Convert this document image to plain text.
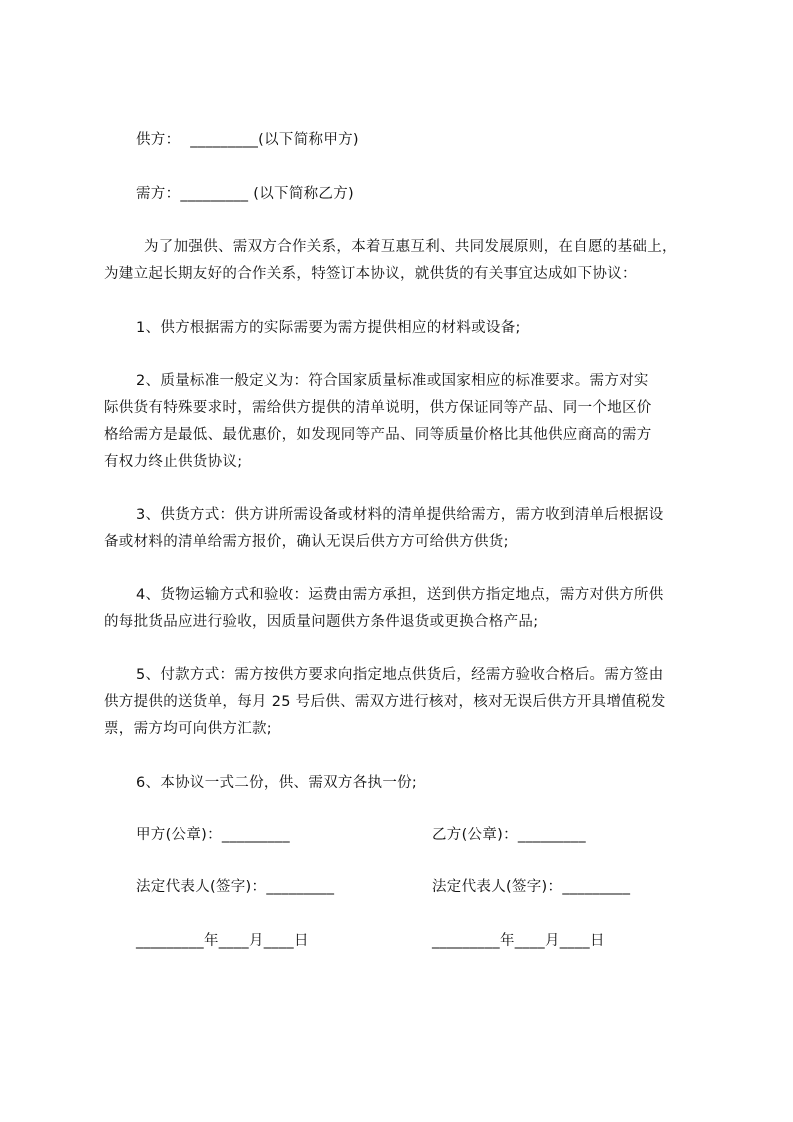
供方：  _________(以下简称甲方)
需方：_________ (以下简称乙方)
为了加强供、需双方合作关系，本着互惠互利、共同发展原则，在自愿的基础上，
为建立起长期友好的合作关系，特签订本协议，就供货的有关事宜达成如下协议：
1、供方根据需方的实际需要为需方提供相应的材料或设备;
2、质量标准一般定义为：符合国家质量标准或国家相应的标准要求。需方对实
际供货有特殊要求时，需给供方提供的清单说明，供方保证同等产品、同一个地区价
格给需方是最低、最优惠价，如发现同等产品、同等质量价格比其他供应商高的需方
有权力终止供货协议;
3、供货方式：供方讲所需设备或材料的清单提供给需方，需方收到清单后根据设
备或材料的清单给需方报价，确认无误后供方方可给供方供货;
4、货物运输方式和验收：运费由需方承担，送到供方指定地点，需方对供方所供
的每批货品应进行验收，因质量问题供方条件退货或更换合格产品;
5、付款方式：需方按供方要求向指定地点供货后，经需方验收合格后。需方签由
供方提供的送货单，每月 25 号后供、需双方进行核对，核对无误后供方开具增值税发
票，需方均可向供方汇款;
6、本协议一式二份，供、需双方各执一份;
甲方(公章)：_________	乙方(公章)：_________
法定代表人(签字)：_________	法定代表人(签字)：_________
_________年____月____日	_________年____月____日
